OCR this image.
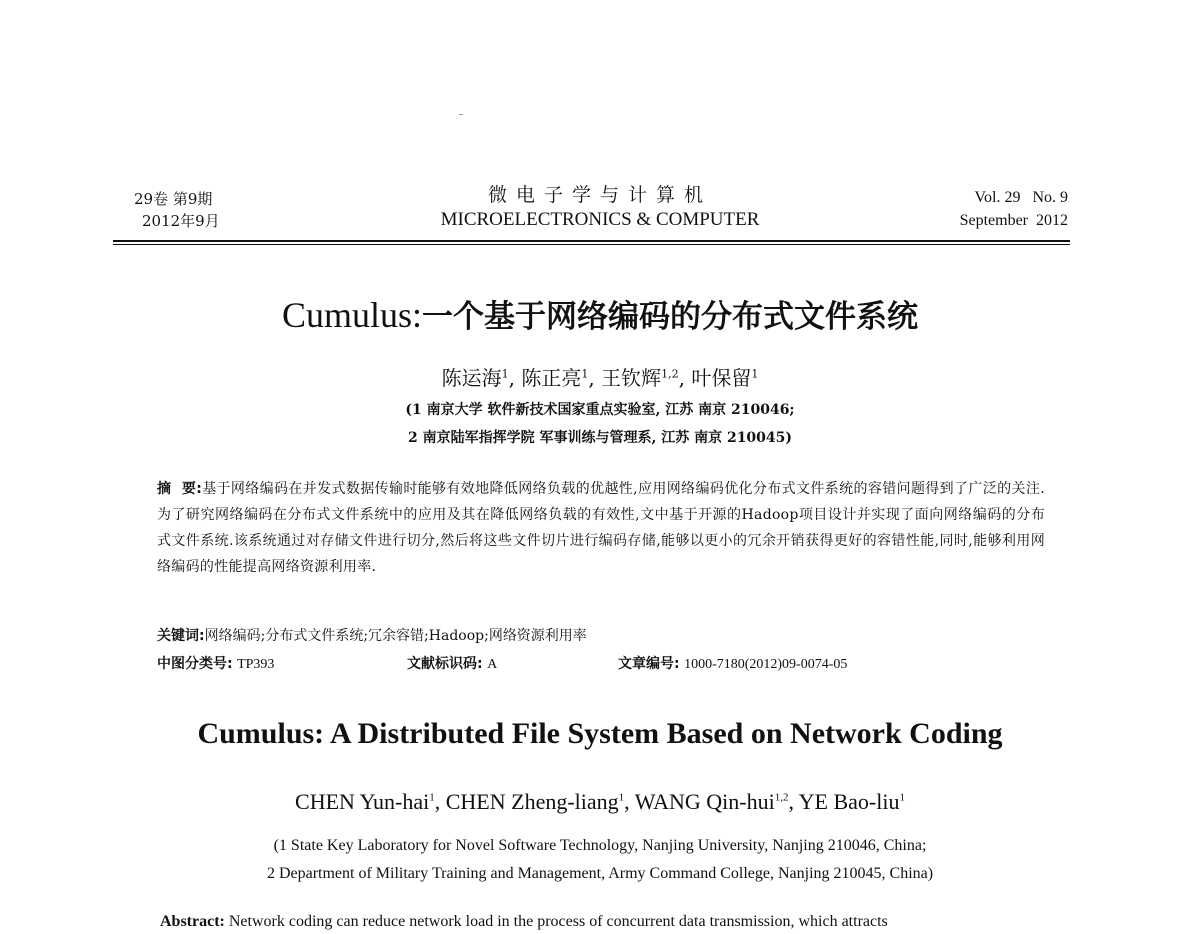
29卷 第9期
2012年9月
微电子学与计算机
MICROELECTRONICS & COMPUTER
Vol. 29   No. 9
September  2012
Cumulus:一个基于网络编码的分布式文件系统
陈运海$^1$, 陈正亮$^1$, 王钦辉$^{1,2}$, 叶保留$^1$
(1 南京大学 软件新技术国家重点实验室, 江苏 南京 210046;
2 南京陆军指挥学院 军事训练与管理系, 江苏 南京 210045)
摘  要:基于网络编码在并发式数据传输时能够有效地降低网络负载的优越性,应用网络编码优化分布式文件系统的容错问题得到了广泛的关注.为了研究网络编码在分布式文件系统中的应用及其在降低网络负载的有效性,文中基于开源的Hadoop项目设计并实现了面向网络编码的分布式文件系统.该系统通过对存储文件进行切分,然后将这些文件切片进行编码存储,能够以更小的冗余开销获得更好的容错性能,同时,能够利用网络编码的性能提高网络资源利用率.
关键词:网络编码;分布式文件系统;冗余容错;Hadoop;网络资源利用率
中图分类号: TP393	文献标识码: A	文章编号: 1000-7180(2012)09-0074-05
Cumulus: A Distributed File System Based on Network Coding
CHEN Yun-hai$^1$, CHEN Zheng-liang$^1$, WANG Qin-hui$^{1,2}$, YE Bao-liu$^1$
(1 State Key Laboratory for Novel Software Technology, Nanjing University, Nanjing 210046, China;
2 Department of Military Training and Management, Army Command College, Nanjing 210045, China)
Abstract: Network coding can reduce network load in the process of concurrent data transmission, which attracts
